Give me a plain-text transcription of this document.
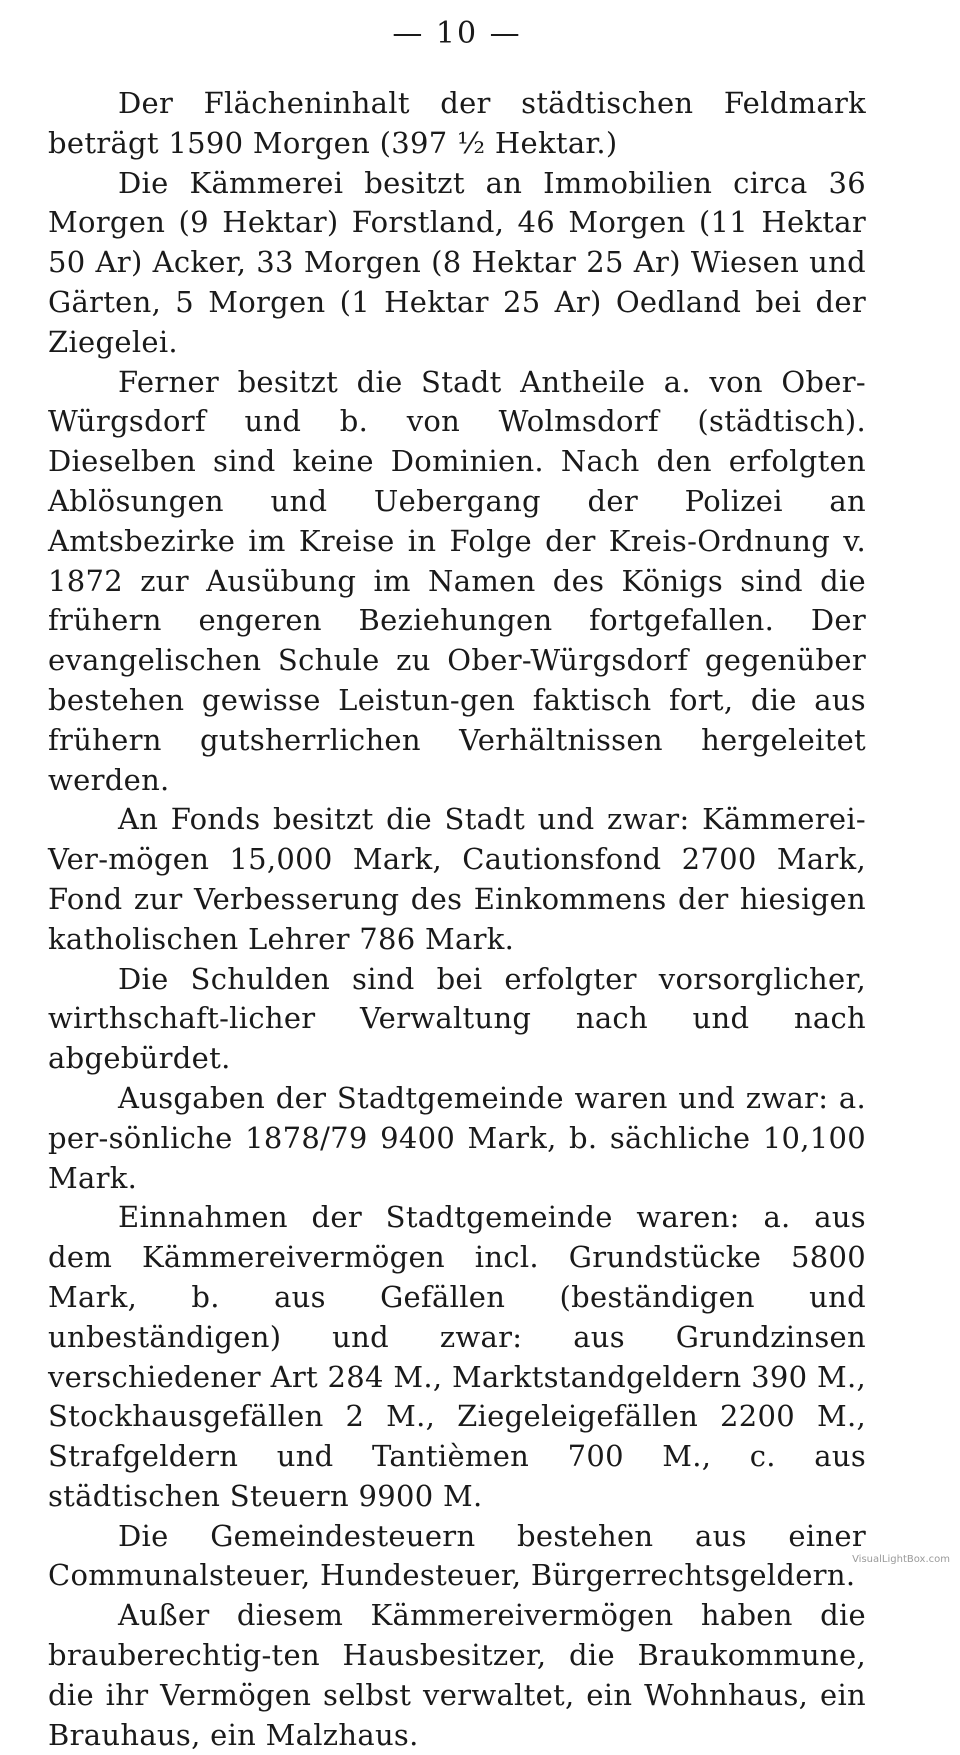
— 10 —

Der Flächeninhalt der städtischen Feldmark beträgt 1590 Morgen (397 ½ Hektar.)

Die Kämmerei besitzt an Immobilien circa 36 Morgen (9 Hektar) Forstland, 46 Morgen (11 Hektar 50 Ar) Acker, 33 Morgen (8 Hektar 25 Ar) Wiesen und Gärten, 5 Morgen (1 Hektar 25 Ar) Oedland bei der Ziegelei.

Ferner besitzt die Stadt Antheile a. von Ober-Würgsdorf und b. von Wolmsdorf (städtisch). Dieselben sind keine Dominien. Nach den erfolgten Ablösungen und Uebergang der Polizei an Amtsbezirke im Kreise in Folge der Kreis-Ordnung v. 1872 zur Ausübung im Namen des Königs sind die frühern engeren Beziehungen fortgefallen. Der evangelischen Schule zu Ober-Würgsdorf gegenüber bestehen gewisse Leistun-gen faktisch fort, die aus frühern gutsherrlichen Verhältnissen hergeleitet werden.

An Fonds besitzt die Stadt und zwar: Kämmerei-Ver-mögen 15,000 Mark, Cautionsfond 2700 Mark, Fond zur Verbesserung des Einkommens der hiesigen katholischen Lehrer 786 Mark.

Die Schulden sind bei erfolgter vorsorglicher, wirthschaft-licher Verwaltung nach und nach abgebürdet.

Ausgaben der Stadtgemeinde waren und zwar: a. per-sönliche 1878/79 9400 Mark, b. sächliche 10,100 Mark.

Einnahmen der Stadtgemeinde waren: a. aus dem Kämmereivermögen incl. Grundstücke 5800 Mark, b. aus Gefällen (beständigen und unbeständigen) und zwar: aus Grundzinsen verschiedener Art 284 M., Marktstandgeldern 390 M., Stockhausgefällen 2 M., Ziegeleigefällen 2200 M., Strafgeldern und Tantièmen 700 M., c. aus städtischen Steuern 9900 M.

Die Gemeindesteuern bestehen aus einer Communalsteuer, Hundesteuer, Bürgerrechtsgeldern.

Außer diesem Kämmereivermögen haben die brauberechtig-ten Hausbesitzer, die Braukommune, die ihr Vermögen selbst verwaltet, ein Wohnhaus, ein Brauhaus, ein Malzhaus.

VisualLightBox.com
